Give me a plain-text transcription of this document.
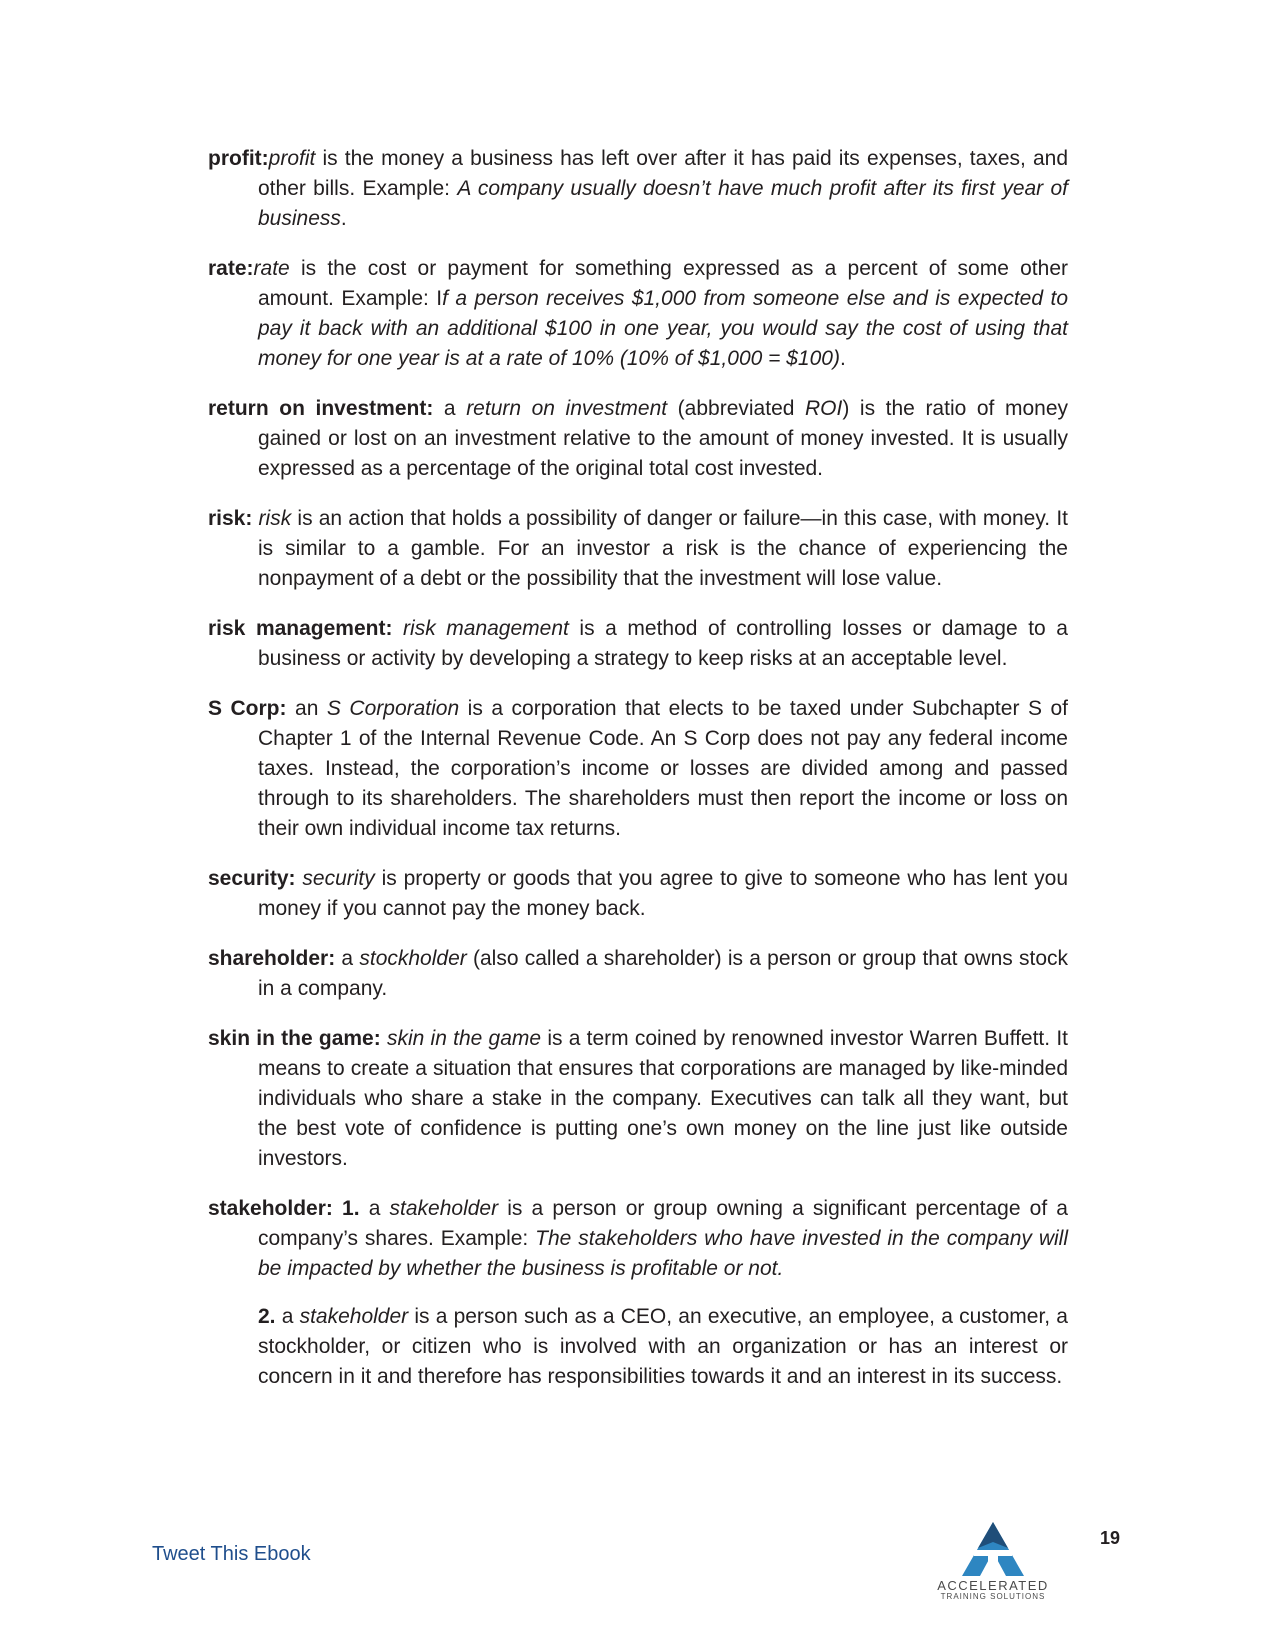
profit:profit is the money a business has left over after it has paid its expenses, taxes, and other bills. Example: A company usually doesn’t have much profit after its first year of business.

rate:rate is the cost or payment for something expressed as a percent of some other amount. Example: If a person receives $1,000 from someone else and is expected to pay it back with an additional $100 in one year, you would say the cost of using that money for one year is at a rate of 10% (10% of $1,000 = $100).

return on investment: a return on investment (abbreviated ROI) is the ratio of money gained or lost on an investment relative to the amount of money invested. It is usually expressed as a percentage of the original total cost invested.

risk: risk is an action that holds a possibility of danger or failure—in this case, with money. It is similar to a gamble. For an investor a risk is the chance of experiencing the nonpayment of a debt or the possibility that the investment will lose value.

risk management: risk management is a method of controlling losses or damage to a business or activity by developing a strategy to keep risks at an acceptable level.

S Corp: an S Corporation is a corporation that elects to be taxed under Subchapter S of Chapter 1 of the Internal Revenue Code. An S Corp does not pay any federal income taxes. Instead, the corporation’s income or losses are divided among and passed through to its shareholders. The shareholders must then report the income or loss on their own individual income tax returns.

security: security is property or goods that you agree to give to someone who has lent you money if you cannot pay the money back.

shareholder: a stockholder (also called a shareholder) is a person or group that owns stock in a company.

skin in the game: skin in the game is a term coined by renowned investor Warren Buffett. It means to create a situation that ensures that corporations are managed by like-minded individuals who share a stake in the company. Executives can talk all they want, but the best vote of confidence is putting one’s own money on the line just like outside investors.

stakeholder: 1. a stakeholder is a person or group owning a significant percentage of a company’s shares. Example: The stakeholders who have invested in the company will be impacted by whether the business is profitable or not.

2. a stakeholder is a person such as a CEO, an executive, an employee, a customer, a stockholder, or citizen who is involved with an organization or has an interest or concern in it and therefore has responsibilities towards it and an interest in its success.

Tweet This Ebook
ACCELERATED
TRAINING SOLUTIONS
19
